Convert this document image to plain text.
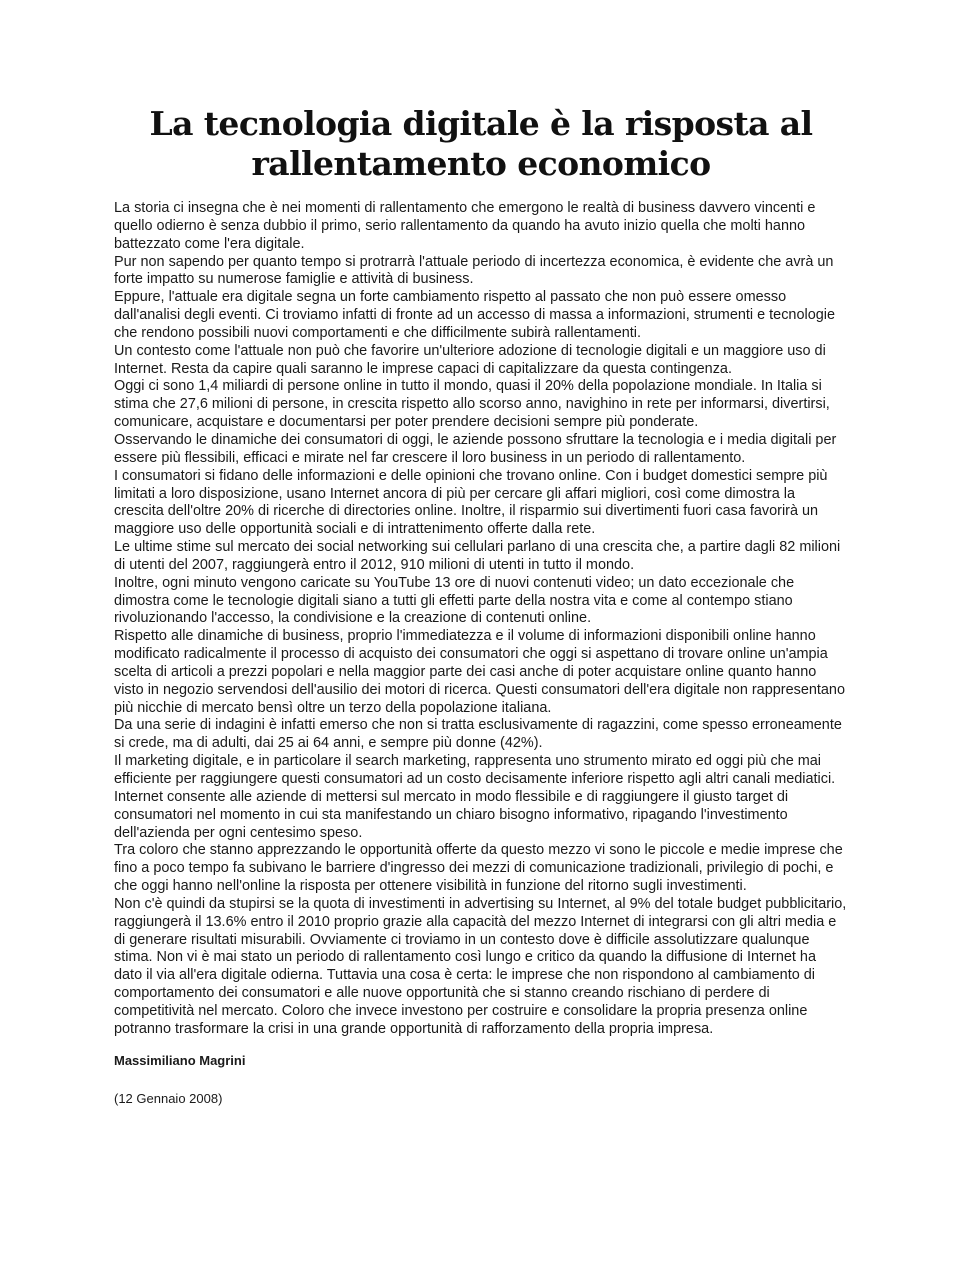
La tecnologia digitale è la risposta al rallentamento economico

La storia ci insegna che è nei momenti di rallentamento che emergono le realtà di business davvero vincenti e quello odierno è senza dubbio il primo, serio rallentamento da quando ha avuto inizio quella che molti hanno battezzato come l'era digitale.

Pur non sapendo per quanto tempo si protrarrà l'attuale periodo di incertezza economica, è evidente che avrà un forte impatto su numerose famiglie e attività di business.

Eppure, l'attuale era digitale segna un forte cambiamento rispetto al passato che non può essere omesso dall'analisi degli eventi. Ci troviamo infatti di fronte ad un accesso di massa a informazioni, strumenti e tecnologie che rendono possibili nuovi comportamenti e che difficilmente subirà rallentamenti.

Un contesto come l'attuale non può che favorire un'ulteriore adozione di tecnologie digitali e un maggiore uso di Internet. Resta da capire quali saranno le imprese capaci di capitalizzare da questa contingenza.

Oggi ci sono 1,4 miliardi di persone online in tutto il mondo, quasi il 20% della popolazione mondiale. In Italia si stima che 27,6 milioni di persone, in crescita rispetto allo scorso anno, navighino in rete per informarsi, divertirsi, comunicare, acquistare e documentarsi per poter prendere decisioni sempre più ponderate.

Osservando le dinamiche dei consumatori di oggi, le aziende possono sfruttare la tecnologia e i media digitali per essere più flessibili, efficaci e mirate nel far crescere il loro business in un periodo di rallentamento.

I consumatori si fidano delle informazioni e delle opinioni che trovano online. Con i budget domestici sempre più limitati a loro disposizione, usano Internet ancora di più per cercare gli affari migliori, così come dimostra la crescita dell'oltre 20% di ricerche di directories online. Inoltre, il risparmio sui divertimenti fuori casa favorirà un maggiore uso delle opportunità sociali e di intrattenimento offerte dalla rete.

Le ultime stime sul mercato dei social networking sui cellulari parlano di una crescita che, a partire dagli 82 milioni di utenti del 2007, raggiungerà entro il 2012, 910 milioni di utenti in tutto il mondo.

Inoltre, ogni minuto vengono caricate su YouTube 13 ore di nuovi contenuti video; un dato eccezionale che dimostra come le tecnologie digitali siano a tutti gli effetti parte della nostra vita e come al contempo stiano rivoluzionando l'accesso, la condivisione e la creazione di contenuti online.

Rispetto alle dinamiche di business, proprio l'immediatezza e il volume di informazioni disponibili online hanno modificato radicalmente il processo di acquisto dei consumatori che oggi si aspettano di trovare online un'ampia scelta di articoli a prezzi popolari e nella maggior parte dei casi anche di poter acquistare online quanto hanno visto in negozio servendosi dell'ausilio dei motori di ricerca. Questi consumatori dell'era digitale non rappresentano più nicchie di mercato bensì oltre un terzo della popolazione italiana.

Da una serie di indagini è infatti emerso che non si tratta esclusivamente di ragazzini, come spesso erroneamente si crede, ma di adulti, dai 25 ai 64 anni, e sempre più donne (42%).

Il marketing digitale, e in particolare il search marketing, rappresenta uno strumento mirato ed oggi più che mai efficiente per raggiungere questi consumatori ad un costo decisamente inferiore rispetto agli altri canali mediatici. Internet consente alle aziende di mettersi sul mercato in modo flessibile e di raggiungere il giusto target di consumatori nel momento in cui sta manifestando un chiaro bisogno informativo, ripagando l'investimento dell'azienda per ogni centesimo speso.

Tra coloro che stanno apprezzando le opportunità offerte da questo mezzo vi sono le piccole e medie imprese che fino a poco tempo fa subivano le barriere d'ingresso dei mezzi di comunicazione tradizionali, privilegio di pochi, e che oggi hanno nell'online la risposta per ottenere visibilità in funzione del ritorno sugli investimenti.

Non c'è quindi da stupirsi se la quota di investimenti in advertising su Internet, al 9% del totale budget pubblicitario, raggiungerà il 13.6% entro il 2010 proprio grazie alla capacità del mezzo Internet di integrarsi con gli altri media e di generare risultati misurabili. Ovviamente ci troviamo in un contesto dove è difficile assolutizzare qualunque stima. Non vi è mai stato un periodo di rallentamento così lungo e critico da quando la diffusione di Internet ha dato il via all'era digitale odierna. Tuttavia una cosa è certa: le imprese che non rispondono al cambiamento di comportamento dei consumatori e alle nuove opportunità che si stanno creando rischiano di perdere di competitività nel mercato. Coloro che invece investono per costruire e consolidare la propria presenza online potranno trasformare la crisi in una grande opportunità di rafforzamento della propria impresa.

Massimiliano Magrini
(12 Gennaio 2008)
